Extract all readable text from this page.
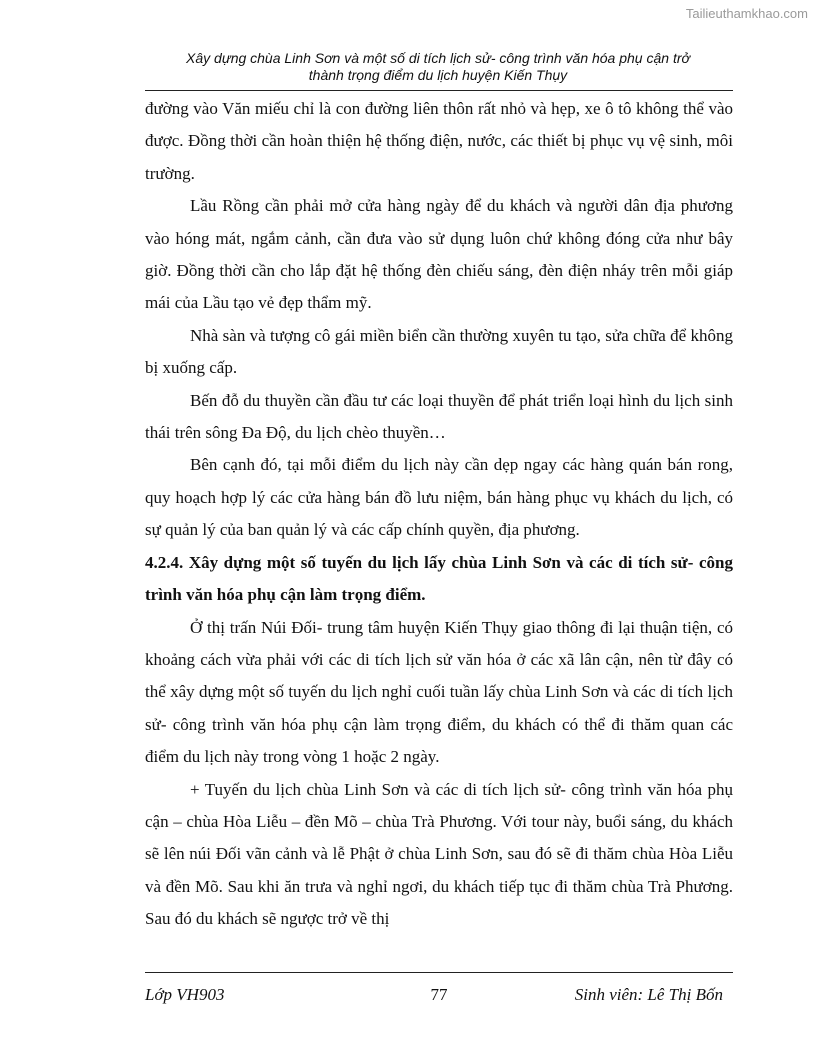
Tailieuthamkhao.com
Xây dựng chùa Linh Sơn và một số di tích lịch sử- công trình văn hóa phụ cận trở
thành trọng điểm du lịch huyện Kiến Thụy

đường vào Văn miếu chỉ là con đường liên thôn rất nhỏ và hẹp, xe ô tô không thể vào được. Đồng thời cần hoàn thiện hệ thống điện, nước, các thiết bị phục vụ vệ sinh, môi trường.

Lầu Rồng cần phải mở cửa hàng ngày để du khách và người dân địa phương vào hóng mát, ngắm cảnh, cần đưa vào sử dụng luôn chứ không đóng cửa như bây giờ. Đồng thời cần cho lắp đặt hệ thống đèn chiếu sáng, đèn điện nháy trên mỗi giáp mái của Lầu tạo vẻ đẹp thẩm mỹ.

Nhà sàn và tượng cô gái miền biển cần thường xuyên tu tạo, sửa chữa để không bị xuống cấp.

Bến đỗ du thuyền cần đầu tư các loại thuyền để phát triển loại hình du lịch sinh thái trên sông Đa Độ, du lịch chèo thuyền…

Bên cạnh đó, tại mỗi điểm du lịch này cần dẹp ngay các hàng quán bán rong, quy hoạch hợp lý các cửa hàng bán đồ lưu niệm, bán hàng phục vụ khách du lịch, có sự quản lý của ban quản lý và các cấp chính quyền, địa phương.

4.2.4. Xây dựng một số tuyến du lịch lấy chùa Linh Sơn và các di tích sử- công trình văn hóa phụ cận làm trọng điểm.

Ở thị trấn Núi Đối- trung tâm huyện Kiến Thụy giao thông đi lại thuận tiện, có khoảng cách vừa phải với các di tích lịch sử văn hóa ở các xã lân cận, nên từ đây có thể xây dựng một số tuyến du lịch nghỉ cuối tuần lấy chùa Linh Sơn và các di tích lịch sử- công trình văn hóa phụ cận làm trọng điểm, du khách có thể đi thăm quan các điểm du lịch này trong vòng 1 hoặc 2 ngày.

+ Tuyến du lịch chùa Linh Sơn và các di tích lịch sử- công trình văn hóa phụ cận – chùa Hòa Liễu – đền Mõ – chùa Trà Phương. Với tour này, buổi sáng, du khách sẽ lên núi Đối vãn cảnh và lễ Phật ở chùa Linh Sơn, sau đó sẽ đi thăm chùa Hòa Liễu và đền Mõ. Sau khi ăn trưa và nghỉ ngơi, du khách tiếp tục đi thăm chùa Trà Phương. Sau đó du khách sẽ ngược trở về thị

Lớp VH903	77	Sinh viên: Lê Thị Bốn
